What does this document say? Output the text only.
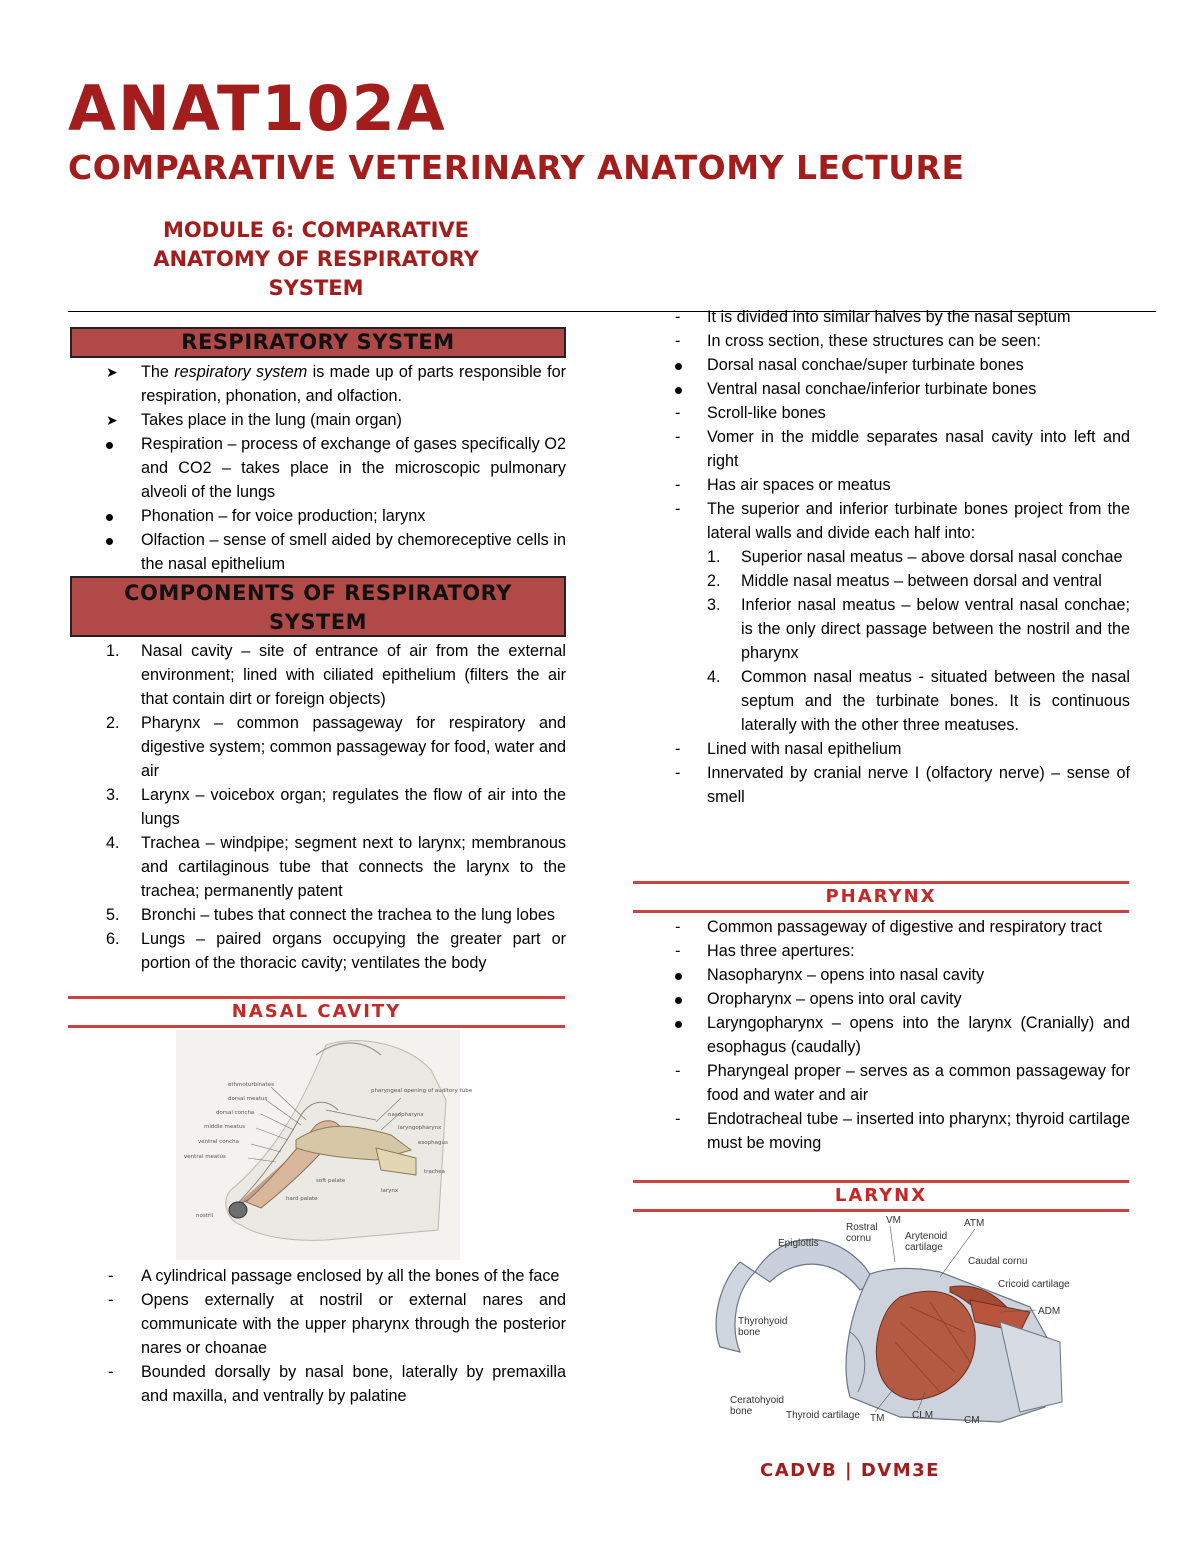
ANAT102A
COMPARATIVE VETERINARY ANATOMY LECTURE
MODULE 6: COMPARATIVE
ANATOMY OF RESPIRATORY
SYSTEM
RESPIRATORY SYSTEM
➤	The respiratory system is made up of parts responsible for respiration, phonation, and olfaction.
➤	Takes place in the lung (main organ)
Respiration – process of exchange of gases specifically O2 and CO2 – takes place in the microscopic pulmonary alveoli of the lungs
Phonation – for voice production; larynx
Olfaction – sense of smell aided by chemoreceptive cells in the nasal epithelium
COMPONENTS OF RESPIRATORY
SYSTEM
1.	Nasal cavity – site of entrance of air from the external environment; lined with ciliated epithelium (filters the air that contain dirt or foreign objects)
2.	Pharynx – common passageway for respiratory and digestive system; common passageway for food, water and air
3.	Larynx – voicebox organ; regulates the flow of air into the lungs
4.	Trachea – windpipe; segment next to larynx; membranous and cartilaginous tube that connects the larynx to the trachea; permanently patent
5.	Bronchi – tubes that connect the trachea to the lung lobes
6.	Lungs – paired organs occupying the greater part or portion of the thoracic cavity; ventilates the body
NASAL CAVITY
ethmoturbinates
dorsal meatus
dorsal concha
middle meatus
ventral concha
ventral meatus
nostril
hard palate
soft palate
larynx
trachea
esophagus
laryngopharynx
nasopharynx
pharyngeal opening of auditory tube
-	A cylindrical passage enclosed by all the bones of the face
-	Opens externally at nostril or external nares and communicate with the upper pharynx through the posterior nares or choanae
-	Bounded dorsally by nasal bone, laterally by premaxilla and maxilla, and ventrally by palatine
-	It is divided into similar halves by the nasal septum
-	In cross section, these structures can be seen:
Dorsal nasal conchae/super turbinate bones
Ventral nasal conchae/inferior turbinate bones
-	Scroll-like bones
-	Vomer in the middle separates nasal cavity into left and right
-	Has air spaces or meatus
-	The superior and inferior turbinate bones project from the lateral walls and divide each half into:
1.	Superior nasal meatus – above dorsal nasal conchae
2.	Middle nasal meatus – between dorsal and ventral
3.	Inferior nasal meatus – below ventral nasal conchae; is the only direct passage between the nostril and the pharynx
4.	Common nasal meatus - situated between the nasal septum and the turbinate bones. It is continuous laterally with the other three meatuses.
-	Lined with nasal epithelium
-	Innervated by cranial nerve I (olfactory nerve) – sense of smell
PHARYNX
-	Common passageway of digestive and respiratory tract
-	Has three apertures:
Nasopharynx – opens into nasal cavity
Oropharynx – opens into oral cavity
Laryngopharynx – opens into the larynx (Cranially) and esophagus (caudally)
-	Pharyngeal proper – serves as a common passageway for food and water and air
-	Endotracheal tube – inserted into pharynx; thyroid cartilage must be moving
LARYNX
Epiglottis
Rostral
cornu
VM
Arytenoid
cartilage
ATM
Caudal cornu
Cricoid cartilage
ADM
Thyrohyoid
bone
Ceratohyoid
bone	Thyroid cartilage TM	CLM	CM
CADVB | DVM3E
